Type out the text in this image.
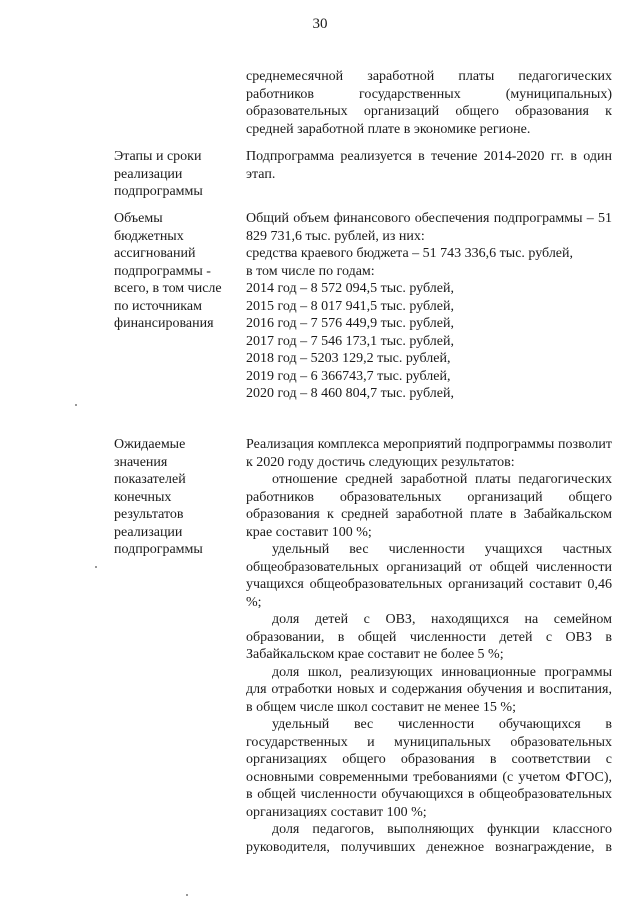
30

среднемесячной заработной платы педагогических работников государственных (муниципальных) образовательных организаций общего образования к средней заработной плате в экономике регионе.

Этапы и сроки реализации подпрограммы

Подпрограмма реализуется в течение 2014-2020 гг. в один этап.

Объемы бюджетных ассигнований подпрограммы - всего, в том числе по источникам финансирования

Общий объем финансового обеспечения подпрограммы – 51 829 731,6 тыс. рублей, из них:

средства краевого бюджета – 51 743 336,6 тыс. рублей,

в том числе по годам:

2014 год – 8 572 094,5 тыс. рублей,

2015 год – 8 017 941,5 тыс. рублей,

2016 год – 7 576 449,9 тыс. рублей,

2017 год – 7 546 173,1 тыс. рублей,

2018 год – 5203 129,2 тыс. рублей,

2019 год – 6 366743,7 тыс. рублей,

2020 год – 8 460 804,7 тыс. рублей,

Ожидаемые значения показателей конечных результатов реализации подпрограммы

Реализация комплекса мероприятий подпрограммы позволит к 2020 году достичь следующих результатов:

отношение средней заработной платы педагогических работников образовательных организаций общего образования к средней заработной плате в Забайкальском крае составит 100 %;

удельный вес численности учащихся частных общеобразовательных организаций от общей численности учащихся общеобразовательных организаций составит 0,46 %;

доля детей с ОВЗ, находящихся на семейном образовании, в общей численности детей с ОВЗ в Забайкальском крае составит не более 5 %;

доля школ, реализующих инновационные программы для отработки новых и содержания обучения и воспитания, в общем числе школ составит не менее 15 %;

удельный вес численности обучающихся в государственных и муниципальных образовательных организациях общего образования в соответствии с основными современными требованиями (с учетом ФГОС), в общей численности обучающихся в общеобразовательных организациях составит 100 %;

доля педагогов, выполняющих функции классного руководителя, получивших денежное вознаграждение, в
